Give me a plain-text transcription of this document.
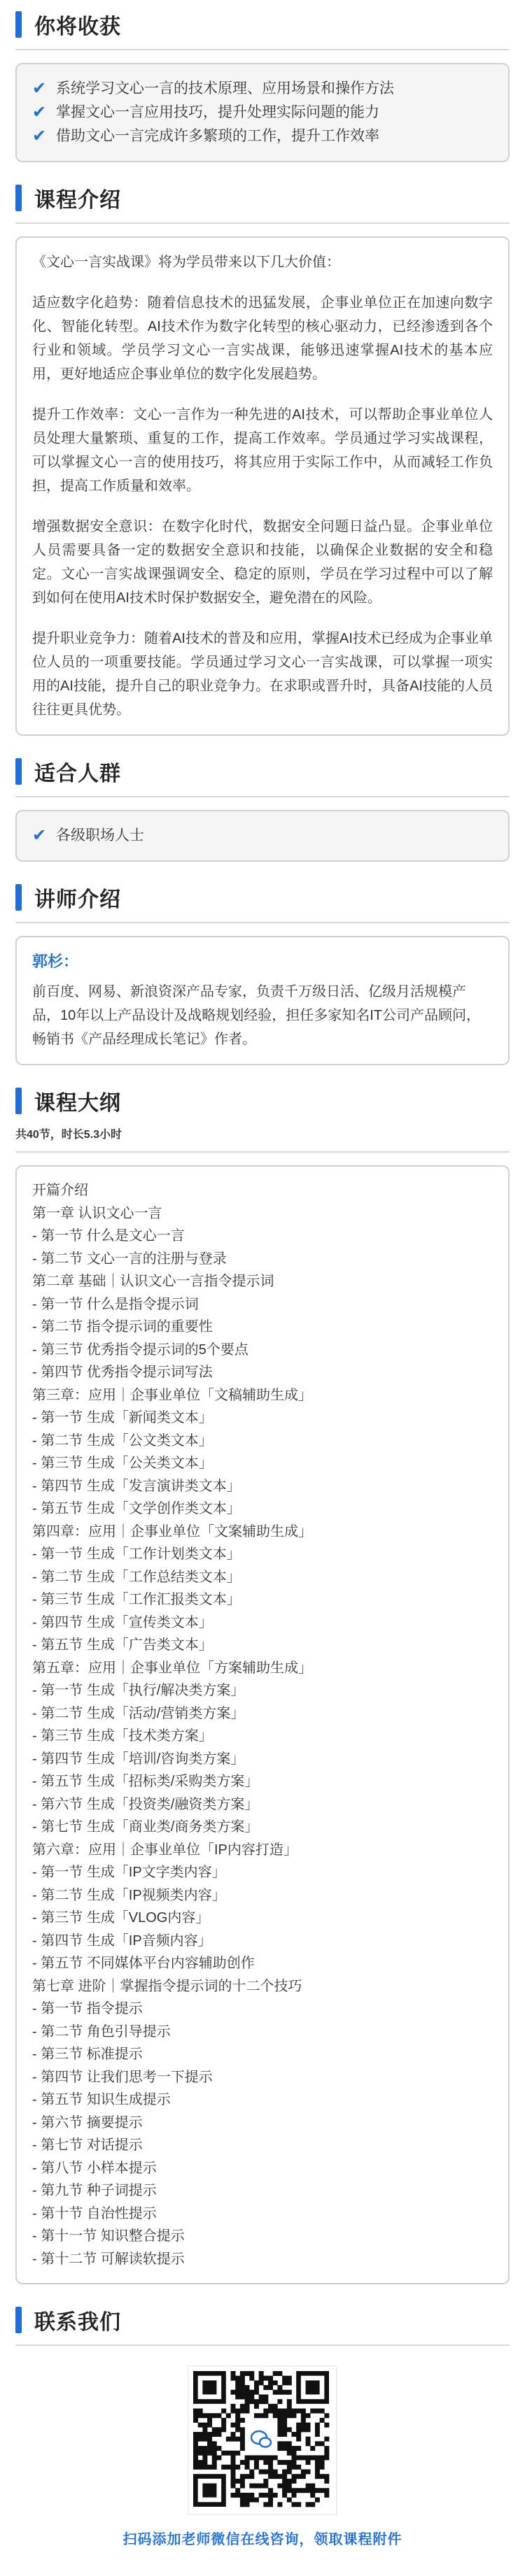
你将收获
✔ 系统学习文心一言的技术原理、应用场景和操作方法
✔ 掌握文心一言应用技巧，提升处理实际问题的能力
✔ 借助文心一言完成许多繁琐的工作，提升工作效率
课程介绍

《文心一言实战课》将为学员带来以下几大价值：

适应数字化趋势：随着信息技术的迅猛发展，企事业单位正在加速向数字化、智能化转型。AI技术作为数字化转型的核心驱动力，已经渗透到各个行业和领域。学员学习文心一言实战课，能够迅速掌握AI技术的基本应用，更好地适应企事业单位的数字化发展趋势。

提升工作效率：文心一言作为一种先进的AI技术，可以帮助企事业单位人员处理大量繁琐、重复的工作，提高工作效率。学员通过学习实战课程，可以掌握文心一言的使用技巧，将其应用于实际工作中，从而减轻工作负担，提高工作质量和效率。

增强数据安全意识：在数字化时代，数据安全问题日益凸显。企事业单位人员需要具备一定的数据安全意识和技能，以确保企业数据的安全和稳定。文心一言实战课强调安全、稳定的原则，学员在学习过程中可以了解到如何在使用AI技术时保护数据安全，避免潜在的风险。

提升职业竞争力：随着AI技术的普及和应用，掌握AI技术已经成为企事业单位人员的一项重要技能。学员通过学习文心一言实战课，可以掌握一项实用的AI技能，提升自己的职业竞争力。在求职或晋升时，具备AI技能的人员往往更具优势。

适合人群
✔ 各级职场人士
讲师介绍
郭杉：
前百度、网易、新浪资深产品专家，负责千万级日活、亿级月活规模产品，10年以上产品设计及战略规划经验，担任多家知名IT公司产品顾问，畅销书《产品经理成长笔记》作者。
课程大纲
共40节，时长5.3小时
开篇介绍
第一章 认识文心一言
- 第一节 什么是文心一言
- 第二节 文心一言的注册与登录
第二章 基础｜认识文心一言指令提示词
- 第一节 什么是指令提示词
- 第二节 指令提示词的重要性
- 第三节 优秀指令提示词的5个要点
- 第四节 优秀指令提示词写法
第三章：应用｜企事业单位「文稿辅助生成」
- 第一节 生成「新闻类文本」
- 第二节 生成「公文类文本」
- 第三节 生成「公关类文本」
- 第四节 生成「发言演讲类文本」
- 第五节 生成「文学创作类文本」
第四章：应用｜企事业单位「文案辅助生成」
- 第一节 生成「工作计划类文本」
- 第二节 生成「工作总结类文本」
- 第三节 生成「工作汇报类文本」
- 第四节 生成「宣传类文本」
- 第五节 生成「广告类文本」
第五章：应用｜企事业单位「方案辅助生成」
- 第一节 生成「执行/解决类方案」
- 第二节 生成「活动/营销类方案」
- 第三节 生成「技术类方案」
- 第四节 生成「培训/咨询类方案」
- 第五节 生成「招标类/采购类方案」
- 第六节 生成「投资类/融资类方案」
- 第七节 生成「商业类/商务类方案」
第六章：应用｜企事业单位「IP内容打造」
- 第一节 生成「IP文字类内容」
- 第二节 生成「IP视频类内容」
- 第三节 生成「VLOG内容」
- 第四节 生成「IP音频内容」
- 第五节 不同媒体平台内容辅助创作
第七章 进阶｜掌握指令提示词的十二个技巧
- 第一节 指令提示
- 第二节 角色引导提示
- 第三节 标准提示
- 第四节 让我们思考一下提示
- 第五节 知识生成提示
- 第六节 摘要提示
- 第七节 对话提示
- 第八节 小样本提示
- 第九节 种子词提示
- 第十节 自治性提示
- 第十一节 知识整合提示
- 第十二节 可解读软提示
联系我们
扫码添加老师微信在线咨询，领取课程附件
